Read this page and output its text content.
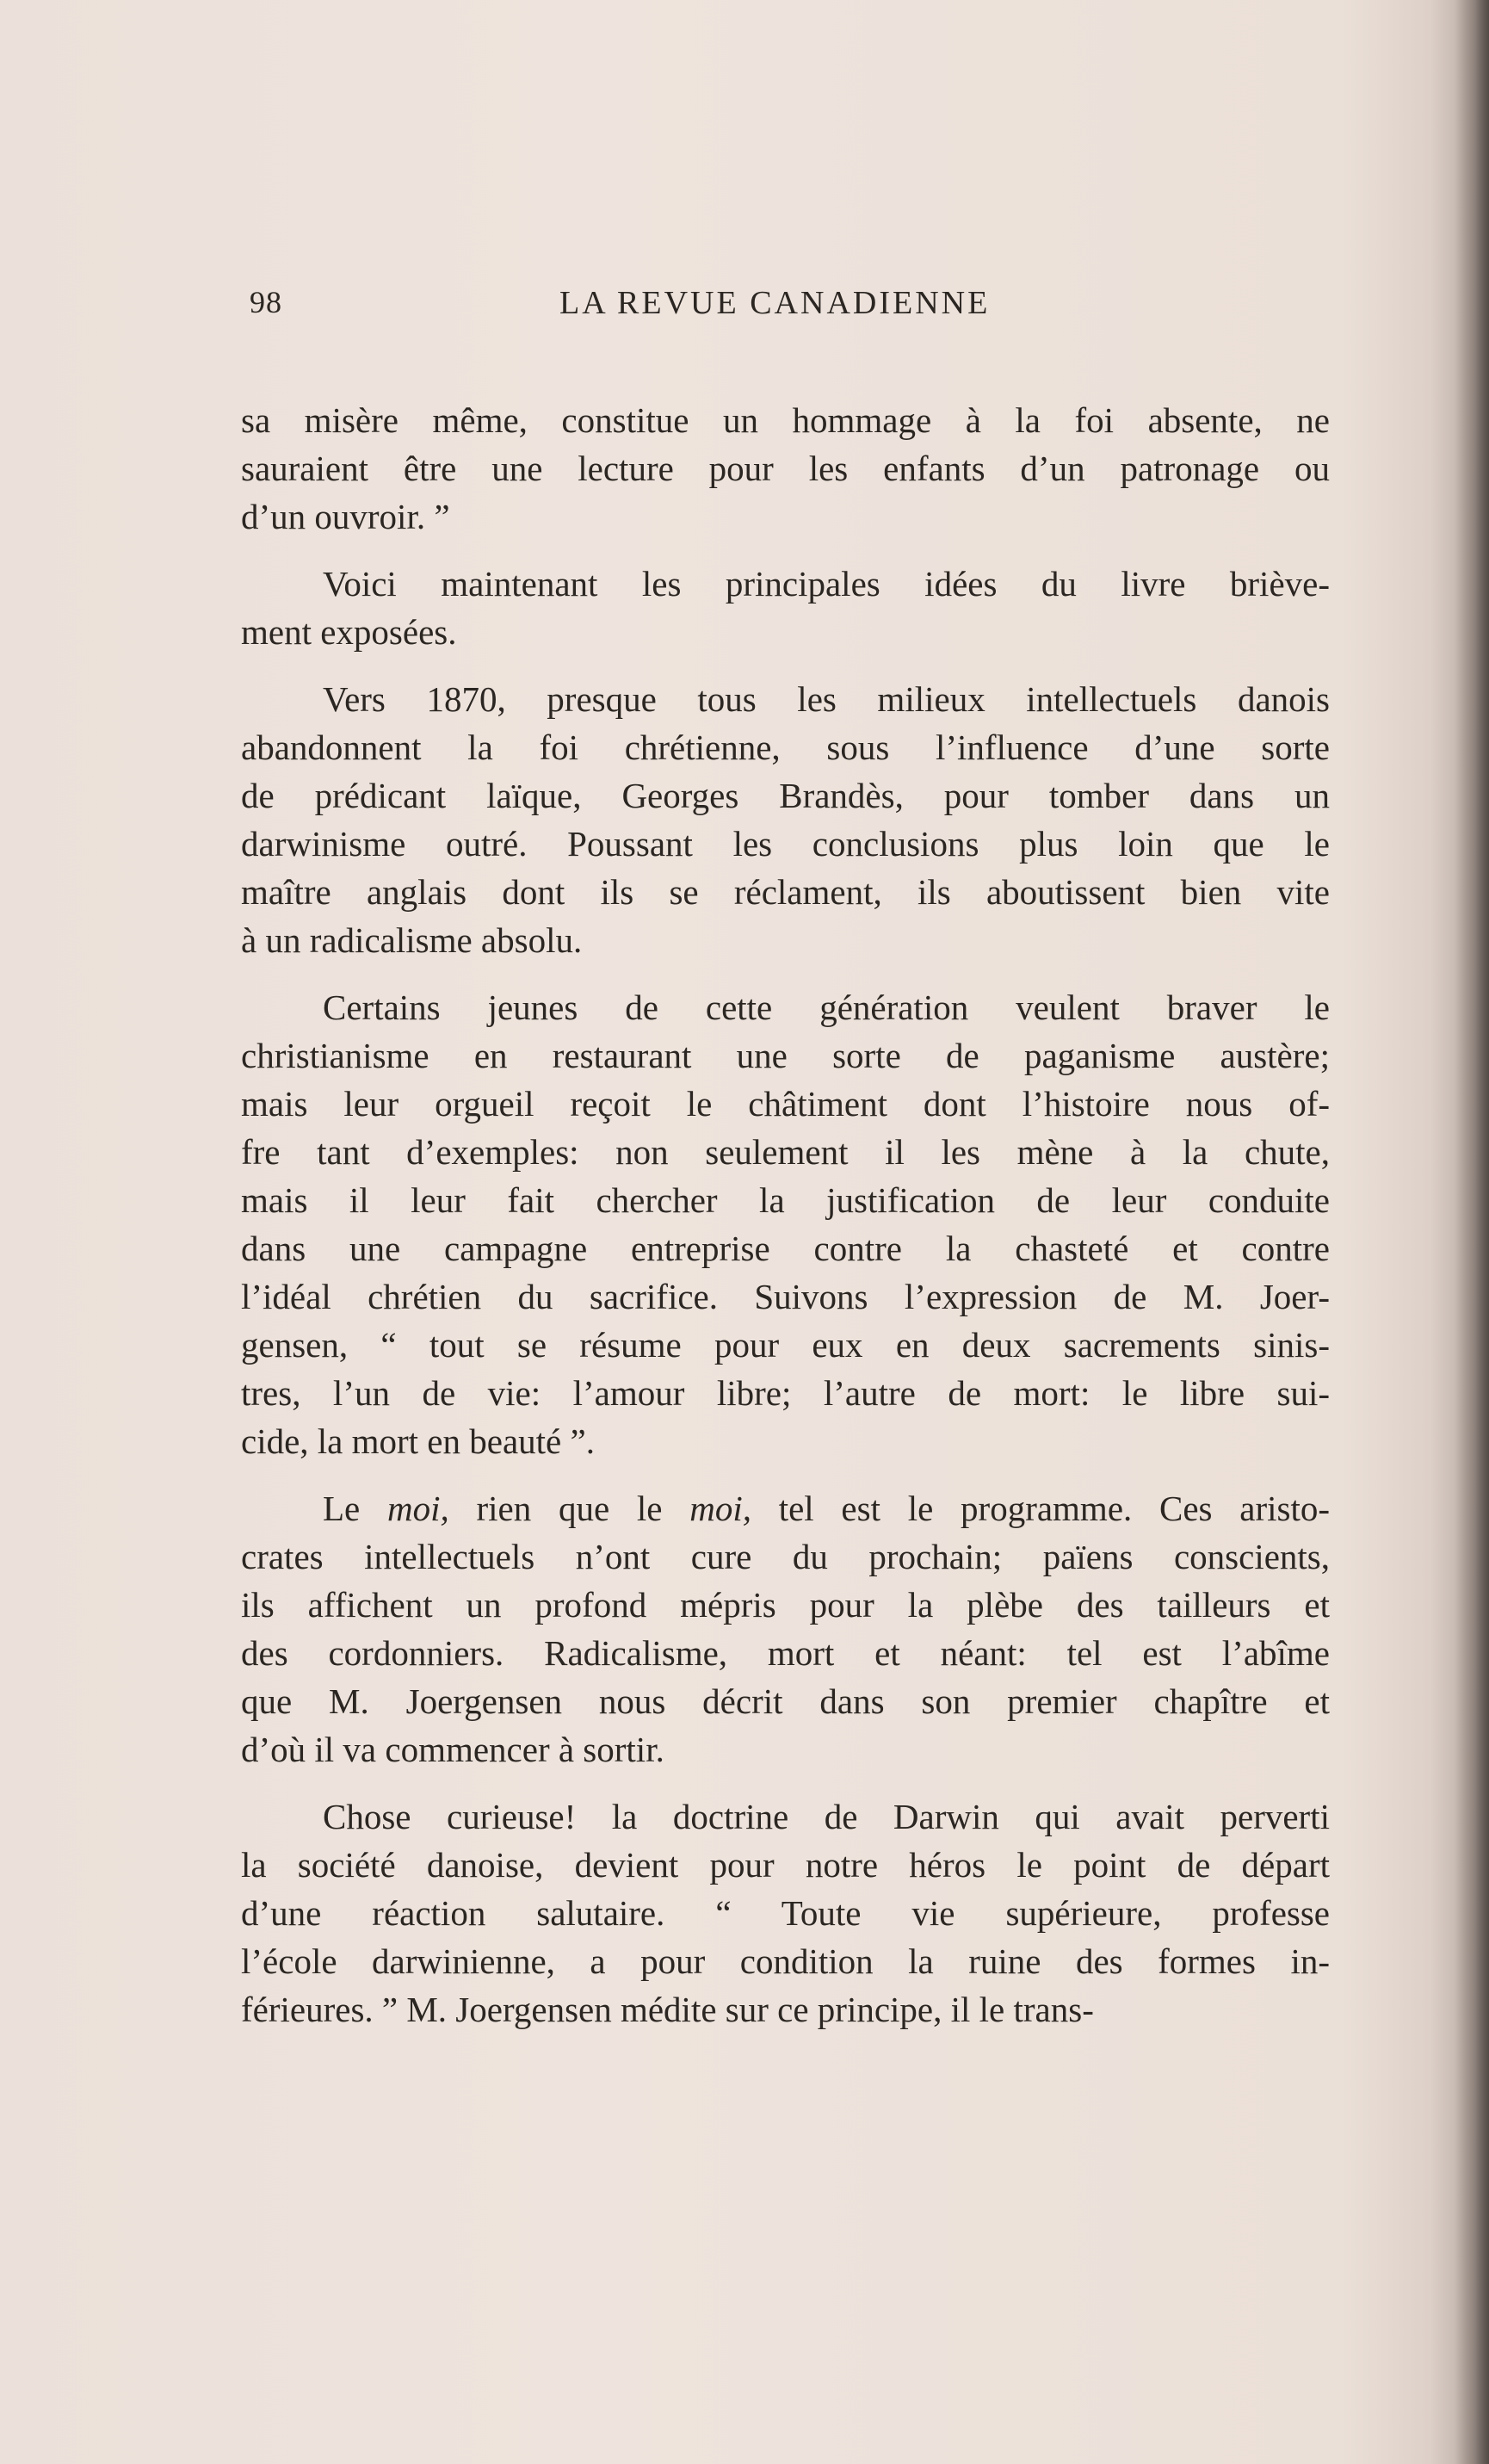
98	LA REVUE CANADIENNE

sa misère même, constitue un hommage à la foi absente, ne
sauraient être une lecture pour les enfants d’un patronage ou
d’un ouvroir. ”

Voici maintenant les principales idées du livre briève-
ment exposées.

Vers 1870, presque tous les milieux intellectuels danois
abandonnent la foi chrétienne, sous l’influence d’une sorte
de prédicant laïque, Georges Brandès, pour tomber dans un
darwinisme outré. Poussant les conclusions plus loin que le
maître anglais dont ils se réclament, ils aboutissent bien vite
à un radicalisme absolu.

Certains jeunes de cette génération veulent braver le
christianisme en restaurant une sorte de paganisme austère;
mais leur orgueil reçoit le châtiment dont l’histoire nous of-
fre tant d’exemples: non seulement il les mène à la chute,
mais il leur fait chercher la justification de leur conduite
dans une campagne entreprise contre la chasteté et contre
l’idéal chrétien du sacrifice. Suivons l’expression de M. Joer-
gensen, “ tout se résume pour eux en deux sacrements sinis-
tres, l’un de vie: l’amour libre; l’autre de mort: le libre sui-
cide, la mort en beauté ”.

Le moi, rien que le moi, tel est le programme. Ces aristo-
crates intellectuels n’ont cure du prochain; païens conscients,
ils affichent un profond mépris pour la plèbe des tailleurs et
des cordonniers. Radicalisme, mort et néant: tel est l’abîme
que M. Joergensen nous décrit dans son premier chapître et
d’où il va commencer à sortir.

Chose curieuse! la doctrine de Darwin qui avait perverti
la société danoise, devient pour notre héros le point de départ
d’une réaction salutaire. “ Toute vie supérieure, professe
l’école darwinienne, a pour condition la ruine des formes in-
férieures. ” M. Joergensen médite sur ce principe, il le trans-
